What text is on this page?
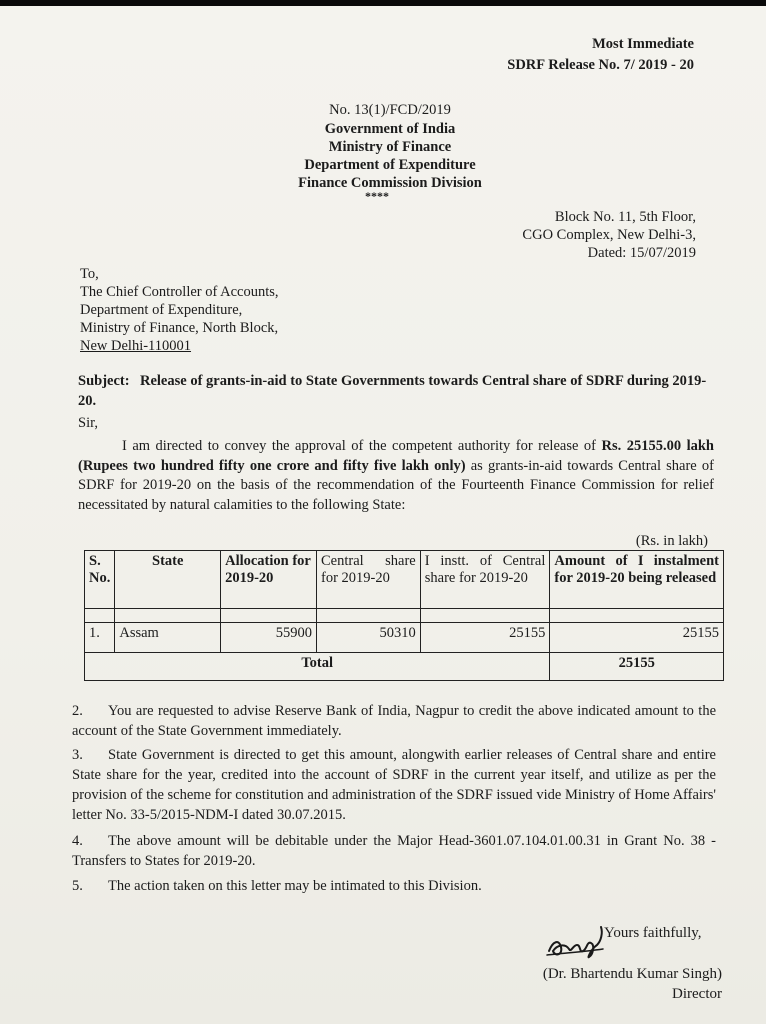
Most Immediate

SDRF Release No. 7/ 2019 - 20

No. 13(1)/FCD/2019

Government of India

Ministry of Finance

Department of Expenditure

Finance Commission Division

****

Block No. 11, 5th Floor,

CGO Complex, New Delhi-3,

Dated: 15/07/2019

To,

The Chief Controller of Accounts,

Department of Expenditure,

Ministry of Finance, North Block,

New Delhi-110001

Subject: Release of grants-in-aid to State Governments towards Central share of SDRF during 2019-20.

Sir,

I am directed to convey the approval of the competent authority for release of Rs. 25155.00 lakh (Rupees two hundred fifty one crore and fifty five lakh only) as grants-in-aid towards Central share of SDRF for 2019-20 on the basis of the recommendation of the Fourteenth Finance Commission for relief necessitated by natural calamities to the following State:

(Rs. in lakh)

S. No.	State	Allocation for 2019-20	Central share for 2019-20	I instt. of Central share for 2019-20	Amount of I instalment for 2019-20 being released

1.	Assam	55900	50310	25155	25155
Total					25155
2. You are requested to advise Reserve Bank of India, Nagpur to credit the above indicated amount to the account of the State Government immediately.
3. State Government is directed to get this amount, alongwith earlier releases of Central share and entire State share for the year, credited into the account of SDRF in the current year itself, and utilize as per the provision of the scheme for constitution and administration of the SDRF issued vide Ministry of Home Affairs' letter No. 33-5/2015-NDM-I dated 30.07.2015.
4. The above amount will be debitable under the Major Head-3601.07.104.01.00.31 in Grant No. 38 - Transfers to States for 2019-20.
5. The action taken on this letter may be intimated to this Division.

Yours faithfully,

(Dr. Bhartendu Kumar Singh)

Director
